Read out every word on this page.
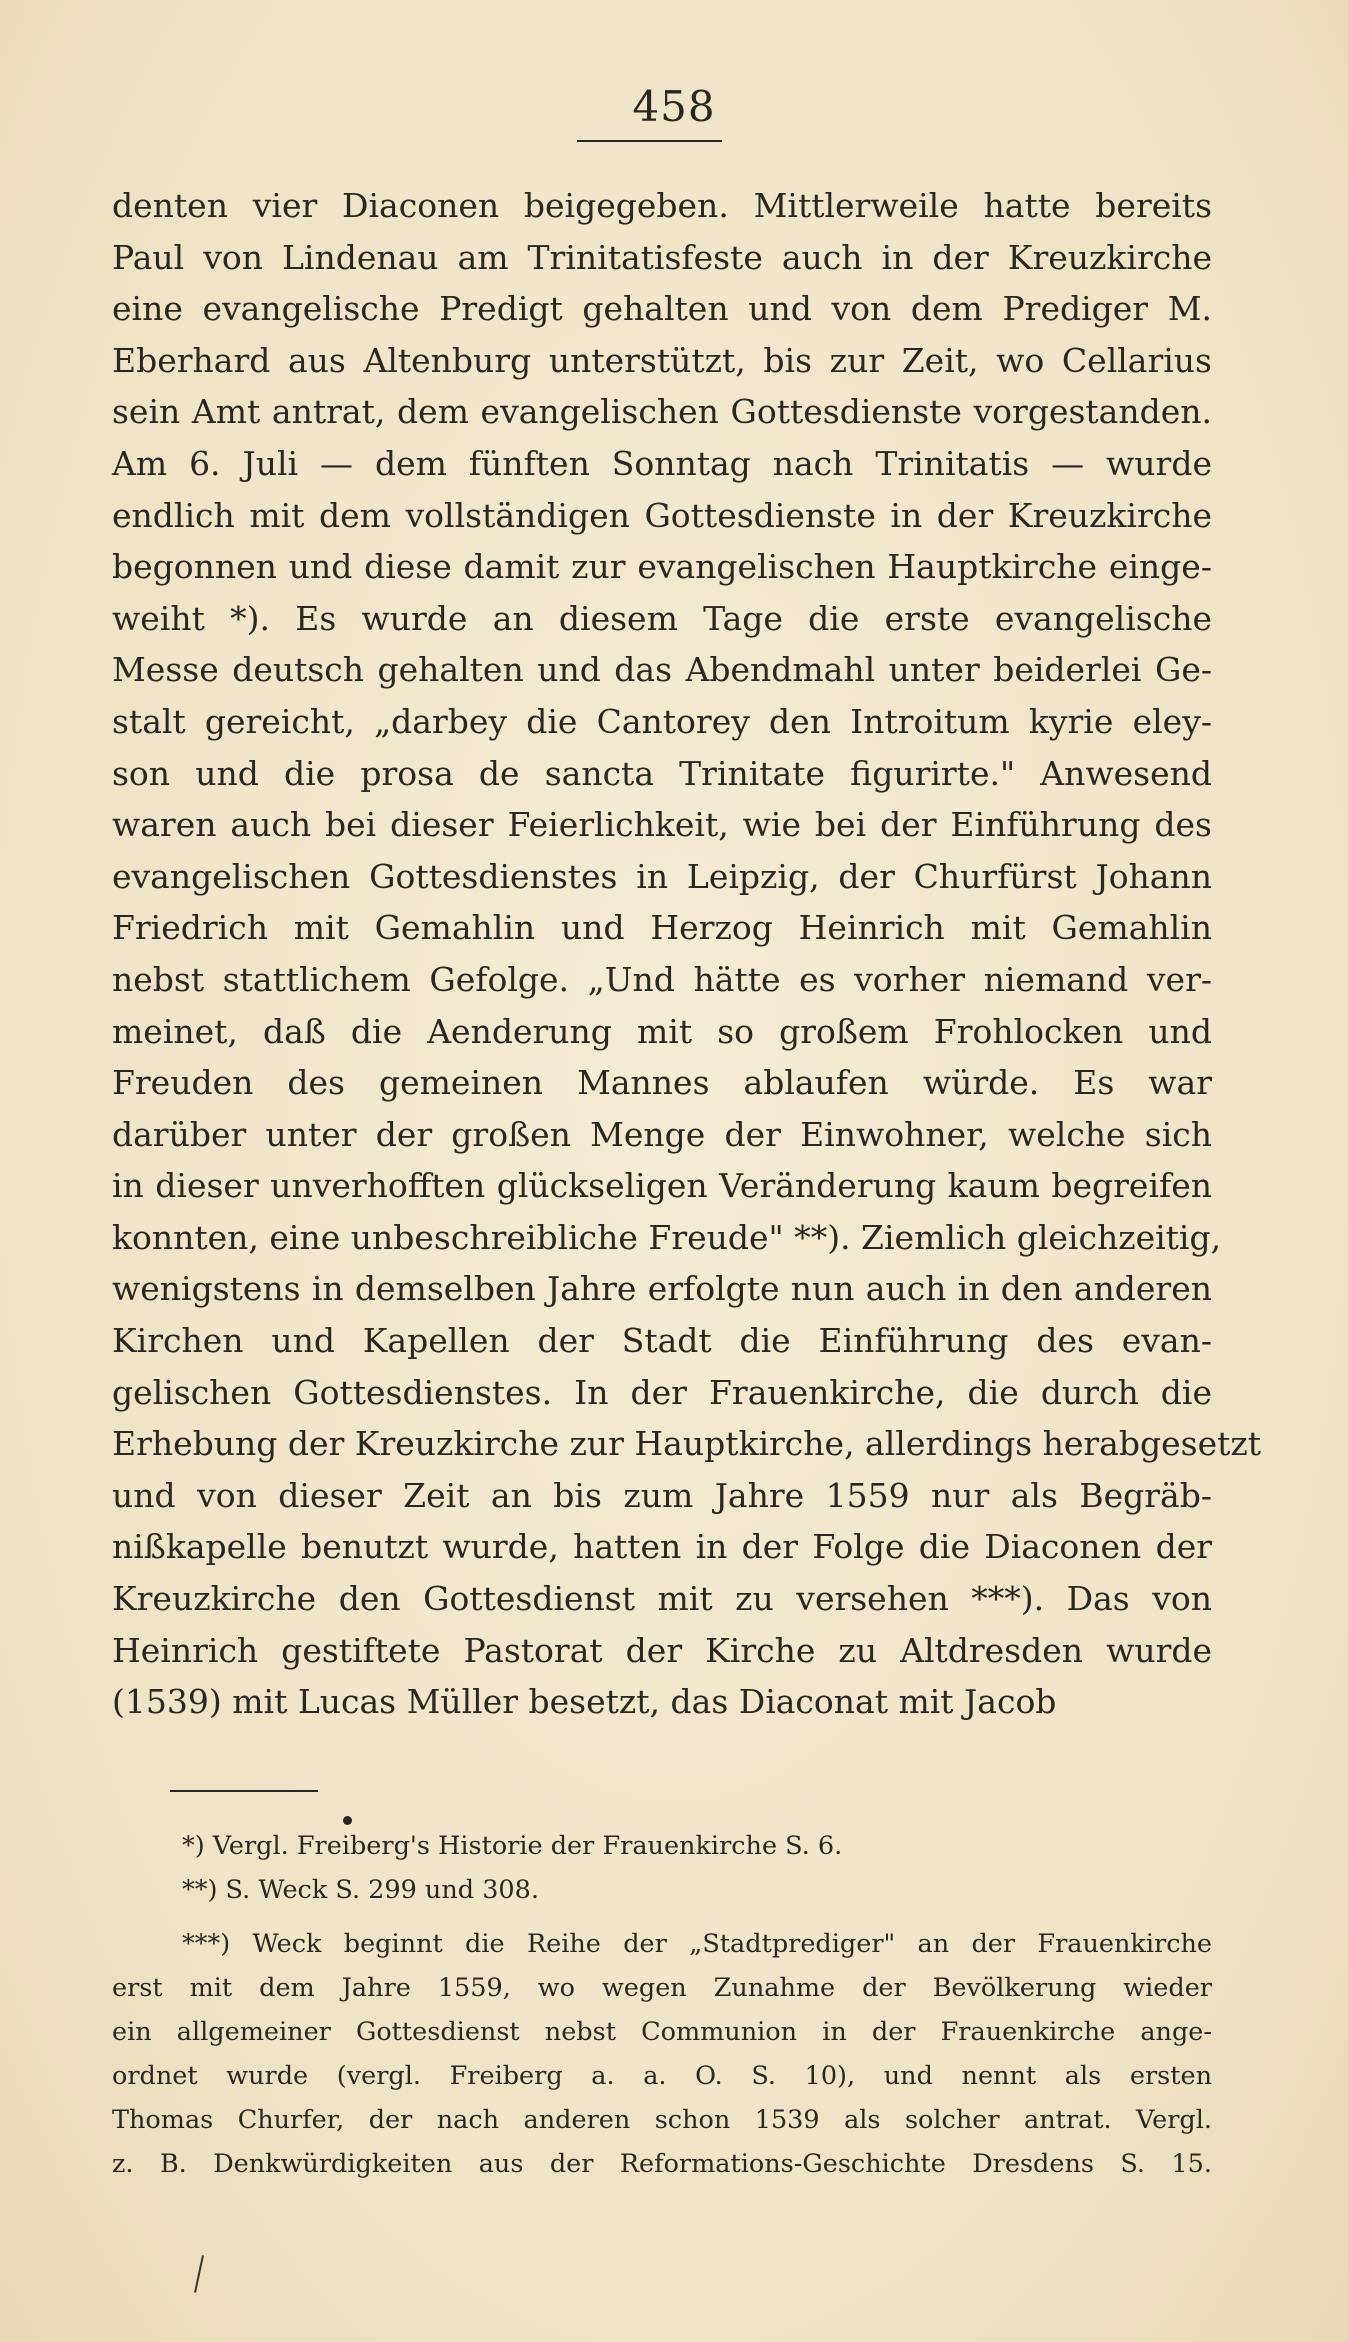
458
denten vier Diaconen beigegeben. Mittlerweile hatte bereits
Paul von Lindenau am Trinitatisfeste auch in der Kreuzkirche
eine evangelische Predigt gehalten und von dem Prediger M.
Eberhard aus Altenburg unterstützt, bis zur Zeit, wo Cellarius
sein Amt antrat, dem evangelischen Gottesdienste vorgestanden.
Am 6. Juli — dem fünften Sonntag nach Trinitatis — wurde
endlich mit dem vollständigen Gottesdienste in der Kreuzkirche
begonnen und diese damit zur evangelischen Hauptkirche einge-
weiht *). Es wurde an diesem Tage die erste evangelische
Messe deutsch gehalten und das Abendmahl unter beiderlei Ge-
stalt gereicht, „darbey die Cantorey den Introitum kyrie eley-
son und die prosa de sancta Trinitate figurirte." Anwesend
waren auch bei dieser Feierlichkeit, wie bei der Einführung des
evangelischen Gottesdienstes in Leipzig, der Churfürst Johann
Friedrich mit Gemahlin und Herzog Heinrich mit Gemahlin
nebst stattlichem Gefolge. „Und hätte es vorher niemand ver-
meinet, daß die Aenderung mit so großem Frohlocken und
Freuden des gemeinen Mannes ablaufen würde. Es war
darüber unter der großen Menge der Einwohner, welche sich
in dieser unverhofften glückseligen Veränderung kaum begreifen
konnten, eine unbeschreibliche Freude" **). Ziemlich gleichzeitig,
wenigstens in demselben Jahre erfolgte nun auch in den anderen
Kirchen und Kapellen der Stadt die Einführung des evan-
gelischen Gottesdienstes. In der Frauenkirche, die durch die
Erhebung der Kreuzkirche zur Hauptkirche, allerdings herabgesetzt
und von dieser Zeit an bis zum Jahre 1559 nur als Begräb-
nißkapelle benutzt wurde, hatten in der Folge die Diaconen der
Kreuzkirche den Gottesdienst mit zu versehen ***). Das von
Heinrich gestiftete Pastorat der Kirche zu Altdresden wurde
(1539) mit Lucas Müller besetzt, das Diaconat mit Jacob
*) Vergl. Freiberg's Historie der Frauenkirche S. 6.
**) S. Weck S. 299 und 308.
***) Weck beginnt die Reihe der „Stadtprediger" an der Frauenkirche
erst mit dem Jahre 1559, wo wegen Zunahme der Bevölkerung wieder
ein allgemeiner Gottesdienst nebst Communion in der Frauenkirche ange-
ordnet wurde (vergl. Freiberg a. a. O. S. 10), und nennt als ersten
Thomas Churfer, der nach anderen schon 1539 als solcher antrat. Vergl.
z. B. Denkwürdigkeiten aus der Reformations-Geschichte Dresdens S. 15.
